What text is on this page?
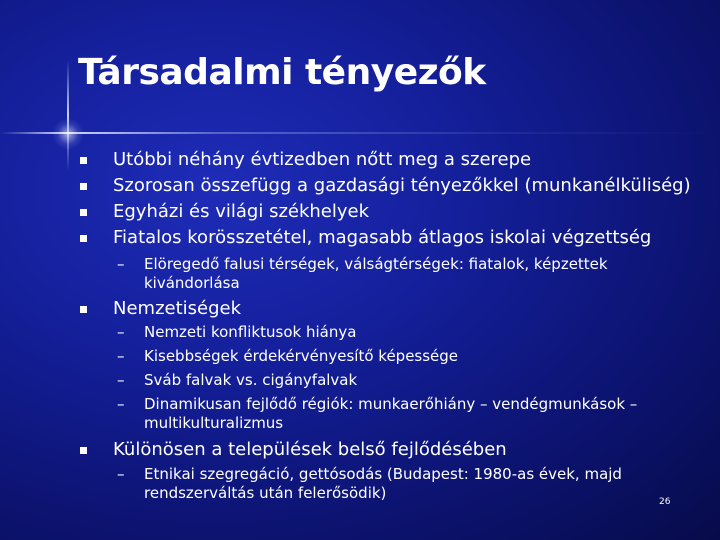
Társadalmi tényezők
Utóbbi néhány évtizedben nőtt meg a szerepe
Szorosan összefügg a gazdasági tényezőkkel (munkanélküliség)
Egyházi és világi székhelyek
Fiatalos korösszetétel, magasabb átlagos iskolai végzettség
– Elöregedő falusi térségek, válságtérségek: fiatalok, képzettek
kivándorlása
Nemzetiségek
– Nemzeti konfliktusok hiánya
– Kisebbségek érdekérvényesítő képessége
– Sváb falvak vs. cigányfalvak
– Dinamikusan fejlődő régiók: munkaerőhiány – vendégmunkások –
multikulturalizmus
Különösen a települések belső fejlődésében
– Etnikai szegregáció, gettósodás (Budapest: 1980-as évek, majd
rendszerváltás után felerősödik)	26
